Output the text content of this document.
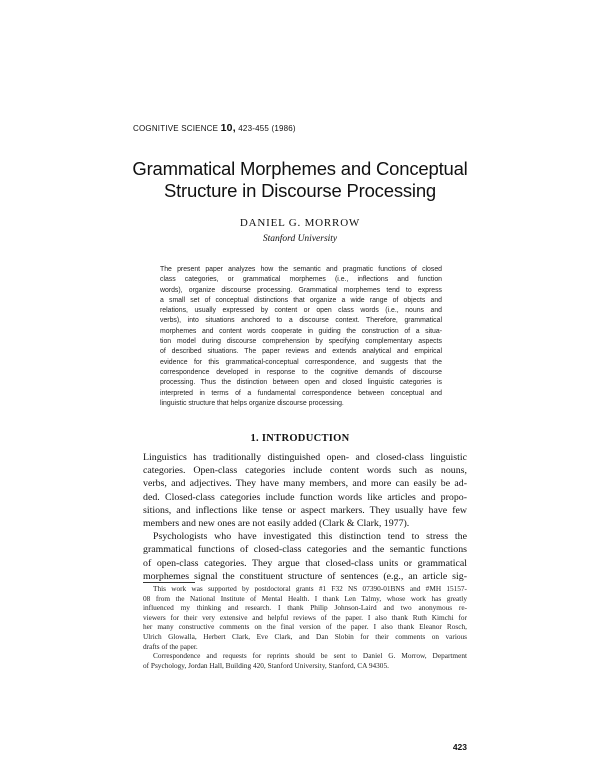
COGNITIVE SCIENCE 10, 423-455 (1986)
Grammatical Morphemes and Conceptual
Structure in Discourse Processing
DANIEL G. MORROW
Stanford University
The present paper analyzes how the semantic and pragmatic functions of closed
class categories, or grammatical morphemes (i.e., inflections and function
words), organize discourse processing. Grammatical morphemes tend to express
a small set of conceptual distinctions that organize a wide range of objects and
relations, usually expressed by content or open class words (i.e., nouns and
verbs), into situations anchored to a discourse context. Therefore, grammatical
morphemes and content words cooperate in guiding the construction of a situa-
tion model during discourse comprehension by specifying complementary aspects
of described situations. The paper reviews and extends analytical and empirical
evidence for this grammatical-conceptual correspondence, and suggests that the
correspondence developed in response to the cognitive demands of discourse
processing. Thus the distinction between open and closed linguistic categories is
interpreted in terms of a fundamental correspondence between conceptual and
linguistic structure that helps organize discourse processing.
1. INTRODUCTION
Linguistics has traditionally distinguished open- and closed-class linguistic
categories. Open-class categories include content words such as nouns,
verbs, and adjectives. They have many members, and more can easily be ad-
ded. Closed-class categories include function words like articles and propo-
sitions, and inflections like tense or aspect markers. They usually have few
members and new ones are not easily added (Clark & Clark, 1977).
Psychologists who have investigated this distinction tend to stress the
grammatical functions of closed-class categories and the semantic functions
of open-class categories. They argue that closed-class units or grammatical
morphemes signal the constituent structure of sentences (e.g., an article sig-
This work was supported by postdoctoral grants #1 F32 NS 07390-01BNS and #MH 15157-
08 from the National Institute of Mental Health. I thank Len Talmy, whose work has greatly
influenced my thinking and research. I thank Philip Johnson-Laird and two anonymous re-
viewers for their very extensive and helpful reviews of the paper. I also thank Ruth Kimchi for
her many constructive comments on the final version of the paper. I also thank Eleanor Rosch,
Ulrich Glowalla, Herbert Clark, Eve Clark, and Dan Slobin for their comments on various
drafts of the paper.
Correspondence and requests for reprints should be sent to Daniel G. Morrow, Department
of Psychology, Jordan Hall, Building 420, Stanford University, Stanford, CA 94305.
423
